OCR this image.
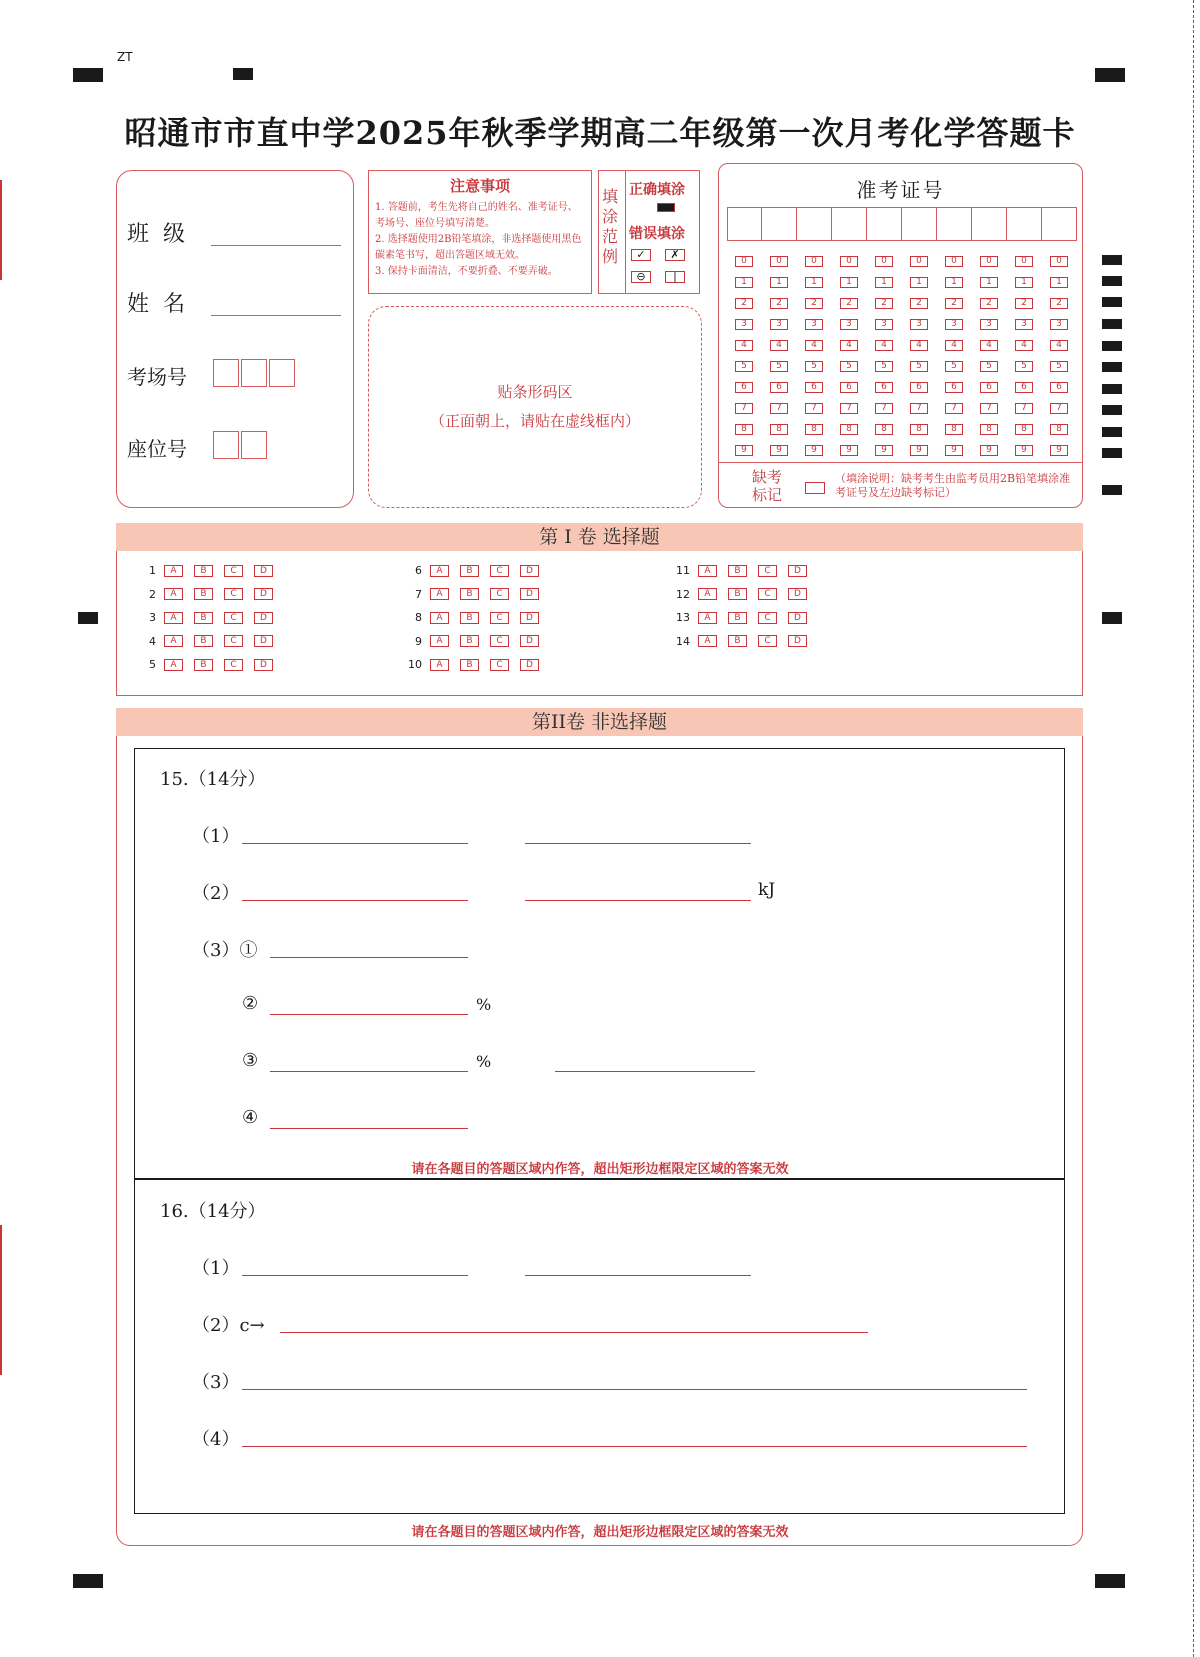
ZT
昭通市市直中学2025年秋季学期高二年级第一次月考化学答题卡
班  级
姓  名
考场号
座位号
注意事项

1. 答题前，考生先将自己的姓名、准考证号、考场号、座位号填写清楚。

2. 选择题使用2B铅笔填涂，非选择题使用黑色碳素笔书写，超出答题区域无效。

3. 保持卡面清洁，不要折叠、不要弄破。

填涂范例
正确填涂
错误填涂
✓	✗
⊖	|
贴条形码区
（正面朝上，请贴在虚线框内）
准考证号
0	0	0	0	0	0	0	0	0	0
1	1	1	1	1	1	1	1	1	1
2	2	2	2	2	2	2	2	2	2
3	3	3	3	3	3	3	3	3	3
4	4	4	4	4	4	4	4	4	4
5	5	5	5	5	5	5	5	5	5
6	6	6	6	6	6	6	6	6	6
7	7	7	7	7	7	7	7	7	7
8	8	8	8	8	8	8	8	8	8
9	9	9	9	9	9	9	9	9	9
缺考标记
（填涂说明：缺考考生由监考员用2B铅笔填涂准考证号及左边缺考标记）
第 I 卷 选择题
1	A	B	C	D
2	A	B	C	D
3	A	B	C	D
4	A	B	C	D
5	A	B	C	D
6	A	B	C	D
7	A	B	C	D
8	A	B	C	D
9	A	B	C	D
10	A	B	C	D
11	A	B	C	D
12	A	B	C	D
13	A	B	C	D
14	A	B	C	D
第II卷 非选择题
15.（14分）
（1）
（2）	kJ
（3）①
②	%
③	%
④
请在各题目的答题区域内作答，超出矩形边框限定区域的答案无效
16.（14分）
（1）
（2）c→
（3）
（4）
请在各题目的答题区域内作答，超出矩形边框限定区域的答案无效
